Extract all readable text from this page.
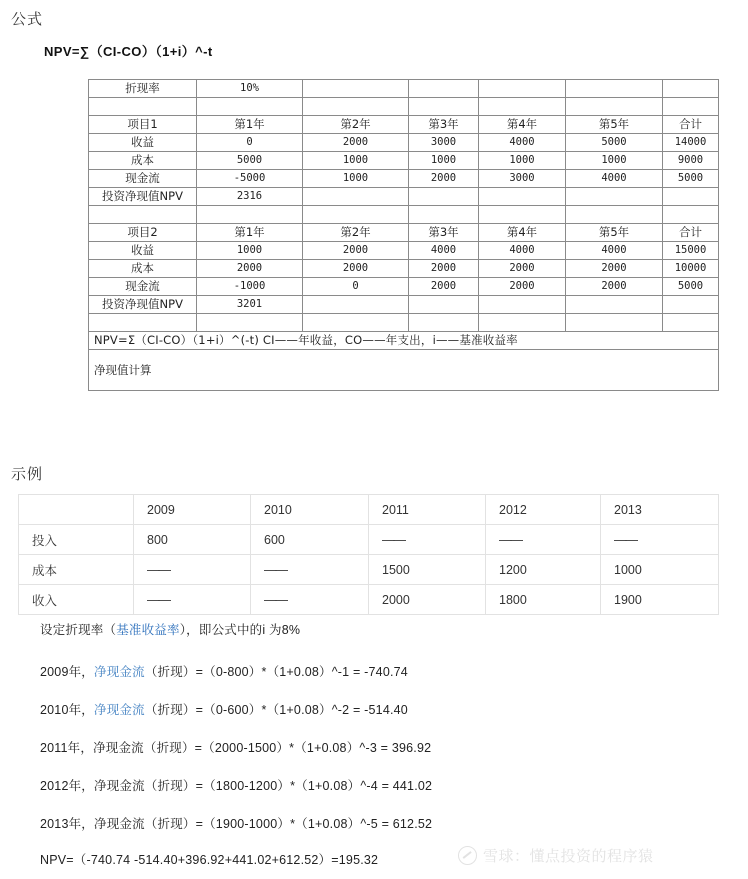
公式
NPV=∑（CI-CO）（1+i）^-t
折现率	10%					

项目1	第1年	第2年	第3年	第4年	第5年	合计
收益	0	2000	3000	4000	5000	14000
成本	5000	1000	1000	1000	1000	9000
现金流	-5000	1000	2000	3000	4000	5000
投资净现值NPV	2316					

项目2	第1年	第2年	第3年	第4年	第5年	合计
收益	1000	2000	4000	4000	4000	15000
成本	2000	2000	2000	2000	2000	10000
现金流	-1000	0	2000	2000	2000	5000
投资净现值NPV	3201					

NPV=Σ（CI-CO）（1+i）^(-t) CI——年收益，CO——年支出，i——基准收益率						
净现值计算						
示例
	2009	2010	2011	2012	2013
投入	800	600	——	——	——
成本	——	——	1500	1200	1000
收入	——	——	2000	1800	1900
设定折现率（基准收益率），即公式中的i 为8%
2009年，净现金流（折现）=（0-800）*（1+0.08）^-1 = -740.74
2010年，净现金流（折现）=（0-600）*（1+0.08）^-2 = -514.40
2011年，净现金流（折现）=（2000-1500）*（1+0.08）^-3 = 396.92
2012年，净现金流（折现）=（1800-1200）*（1+0.08）^-4 = 441.02
2013年，净现金流（折现）=（1900-1000）*（1+0.08）^-5 = 612.52
NPV=（-740.74 -514.40+396.92+441.02+612.52）=195.32	雪球：懂点投资的程序猿
